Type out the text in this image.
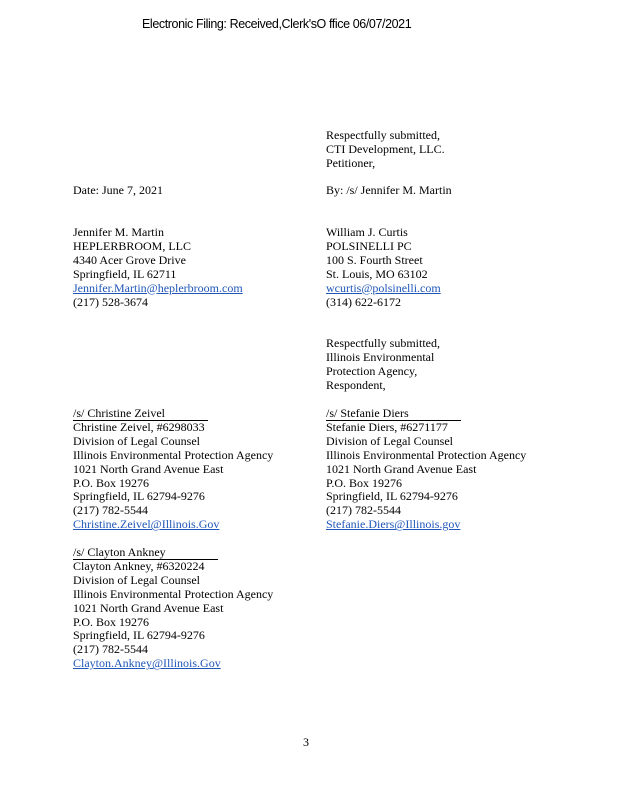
Electronic Filing: Received,Clerk'sO ffice 06/07/2021
Respectfully submitted,
CTI Development, LLC.
Petitioner,
Date: June 7, 2021	By: /s/ Jennifer M. Martin
Jennifer M. Martin
HEPLERBROOM, LLC
4340 Acer Grove Drive
Springfield, IL 62711
Jennifer.Martin@heplerbroom.com
(217) 528-3674
William J. Curtis
POLSINELLI PC
100 S. Fourth Street
St. Louis, MO 63102
wcurtis@polsinelli.com
(314) 622-6172
Respectfully submitted,
Illinois Environmental
Protection Agency,
Respondent,
/s/ Christine Zeivel
Christine Zeivel, #6298033
Division of Legal Counsel
Illinois Environmental Protection Agency
1021 North Grand Avenue East
P.O. Box 19276
Springfield, IL 62794-9276
(217) 782-5544
Christine.Zeivel@Illinois.Gov
/s/ Stefanie Diers
Stefanie Diers, #6271177
Division of Legal Counsel
Illinois Environmental Protection Agency
1021 North Grand Avenue East
P.O. Box 19276
Springfield, IL 62794-9276
(217) 782-5544
Stefanie.Diers@Illinois.gov
/s/ Clayton Ankney
Clayton Ankney, #6320224
Division of Legal Counsel
Illinois Environmental Protection Agency
1021 North Grand Avenue East
P.O. Box 19276
Springfield, IL 62794-9276
(217) 782-5544
Clayton.Ankney@Illinois.Gov
3
